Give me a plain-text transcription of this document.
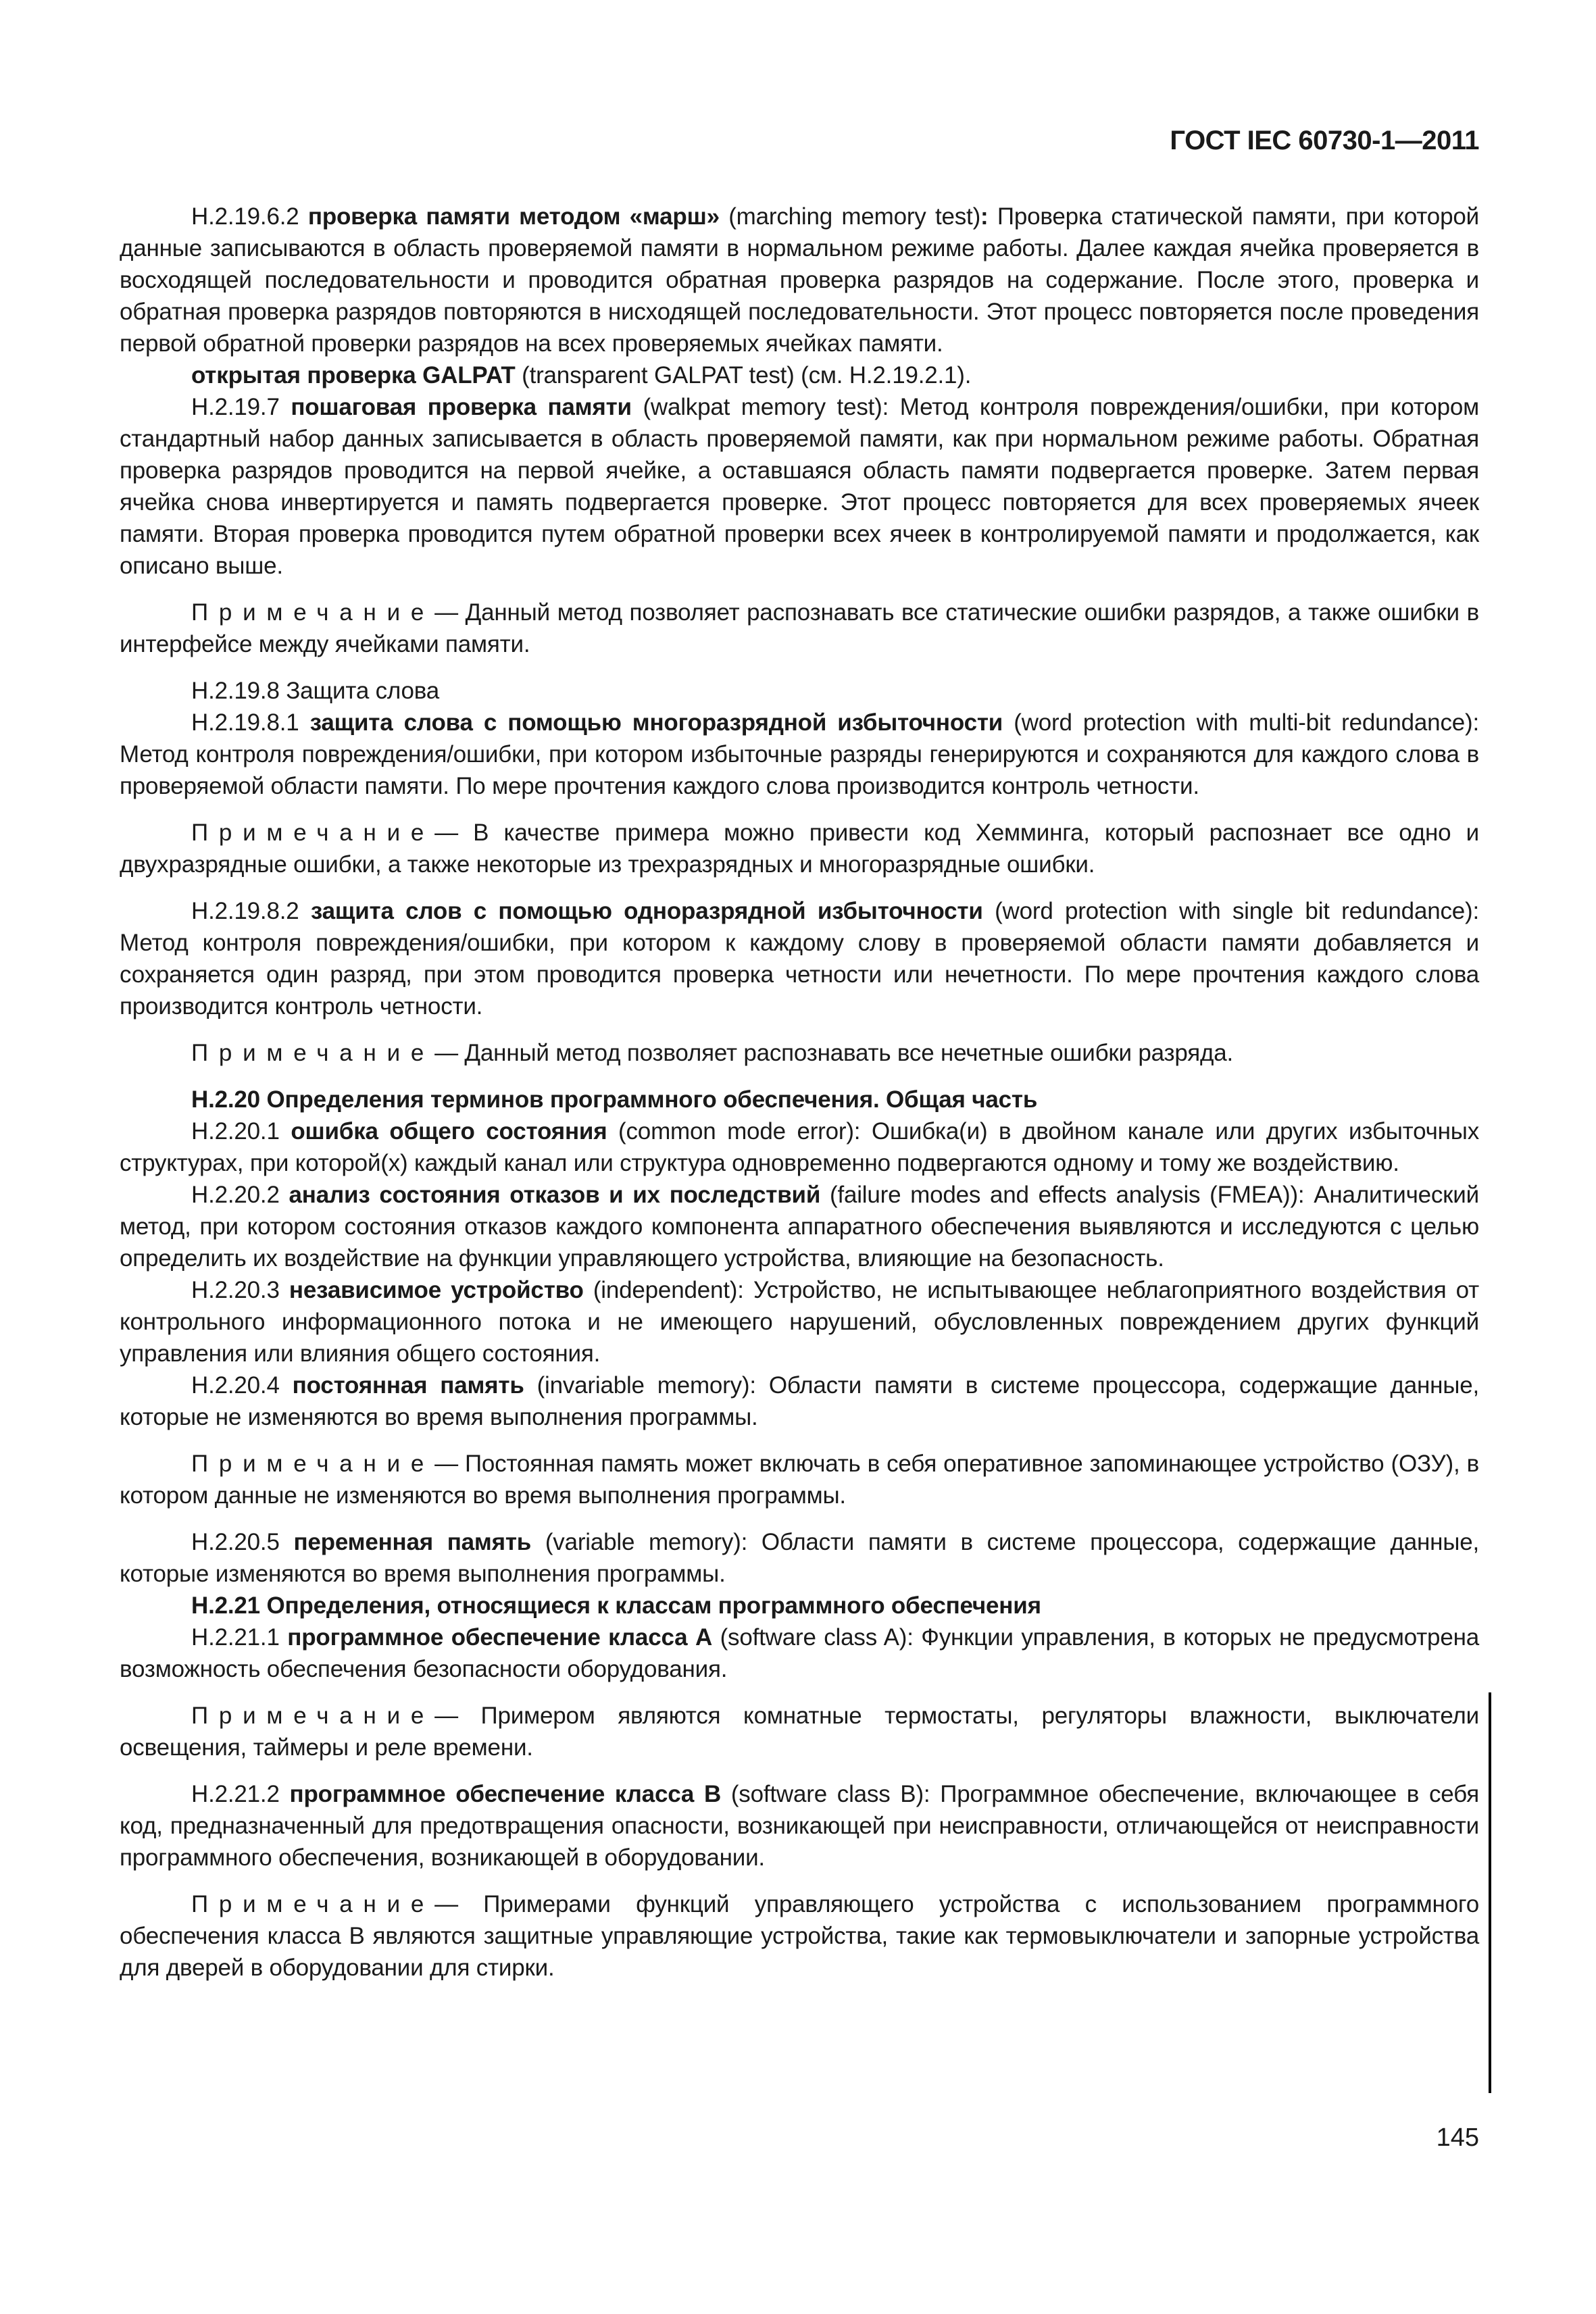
ГОСТ IEC 60730-1—2011

Н.2.19.6.2 проверка памяти методом «марш» (marching memory test): Проверка статической памяти, при которой данные записываются в область проверяемой памяти в нормальном режиме работы. Далее каждая ячейка проверяется в восходящей последовательности и проводится обратная проверка разрядов на содержание. После этого, проверка и обратная проверка разрядов повторяются в нисходящей последовательности. Этот процесс повторяется после проведения первой обратной проверки разрядов на всех проверяемых ячейках памяти.

открытая проверка GALPAT (transparent GALPAT test) (см. Н.2.19.2.1).

Н.2.19.7 пошаговая проверка памяти (walkpat memory test): Метод контроля повреждения/ошибки, при котором стандартный набор данных записывается в область проверяемой памяти, как при нормальном режиме работы. Обратная проверка разрядов проводится на первой ячейке, а оставшаяся область памяти подвергается проверке. Затем первая ячейка снова инвертируется и память подвергается проверке. Этот процесс повторяется для всех проверяемых ячеек памяти. Вторая проверка проводится путем обратной проверки всех ячеек в контролируемой памяти и продолжается, как описано выше.

Примечание— Данный метод позволяет распознавать все статические ошибки разрядов, а также ошибки в интерфейсе между ячейками памяти.

Н.2.19.8 Защита слова

Н.2.19.8.1 защита слова с помощью многоразрядной избыточности (word protection with multi-bit redundance): Метод контроля повреждения/ошибки, при котором избыточные разряды генерируются и сохраняются для каждого слова в проверяемой области памяти. По мере прочтения каждого слова производится контроль четности.

Примечание— В качестве примера можно привести код Хемминга, который распознает все одно и двухразрядные ошибки, а также некоторые из трехразрядных и многоразрядные ошибки.

Н.2.19.8.2 защита слов с помощью одноразрядной избыточности (word protection with single bit redundance): Метод контроля повреждения/ошибки, при котором к каждому слову в проверяемой области памяти добавляется и сохраняется один разряд, при этом проводится проверка четности или нечетности. По мере прочтения каждого слова производится контроль четности.

Примечание— Данный метод позволяет распознавать все нечетные ошибки разряда.

Н.2.20 Определения терминов программного обеспечения. Общая часть

Н.2.20.1 ошибка общего состояния (common mode error): Ошибка(и) в двойном канале или других избыточных структурах, при которой(х) каждый канал или структура одновременно подвергаются одному и тому же воздействию.

Н.2.20.2 анализ состояния отказов и их последствий (failure modes and effects analysis (FMEA)): Аналитический метод, при котором состояния отказов каждого компонента аппаратного обеспечения выявляются и исследуются с целью определить их воздействие на функции управляющего устройства, влияющие на безопасность.

Н.2.20.3 независимое устройство (independent): Устройство, не испытывающее неблагоприятного воздействия от контрольного информационного потока и не имеющего нарушений, обусловленных повреждением других функций управления или влияния общего состояния.

Н.2.20.4 постоянная память (invariable memory): Области памяти в системе процессора, содержащие данные, которые не изменяются во время выполнения программы.

Примечание— Постоянная память может включать в себя оперативное запоминающее устройство (ОЗУ), в котором данные не изменяются во время выполнения программы.

Н.2.20.5 переменная память (variable memory): Области памяти в системе процессора, содержащие данные, которые изменяются во время выполнения программы.

Н.2.21 Определения, относящиеся к классам программного обеспечения

Н.2.21.1 программное обеспечение класса А (software class A): Функции управления, в которых не предусмотрена возможность обеспечения безопасности оборудования.

Примечание— Примером являются комнатные термостаты, регуляторы влажности, выключатели освещения, таймеры и реле времени.

Н.2.21.2 программное обеспечение класса В (software class B): Программное обеспечение, включающее в себя код, предназначенный для предотвращения опасности, возникающей при неисправности, отличающейся от неисправности программного обеспечения, возникающей в оборудовании.

Примечание— Примерами функций управляющего устройства с использованием программного обеспечения класса В являются защитные управляющие устройства, такие как термовыключатели и запорные устройства для дверей в оборудовании для стирки.

145
